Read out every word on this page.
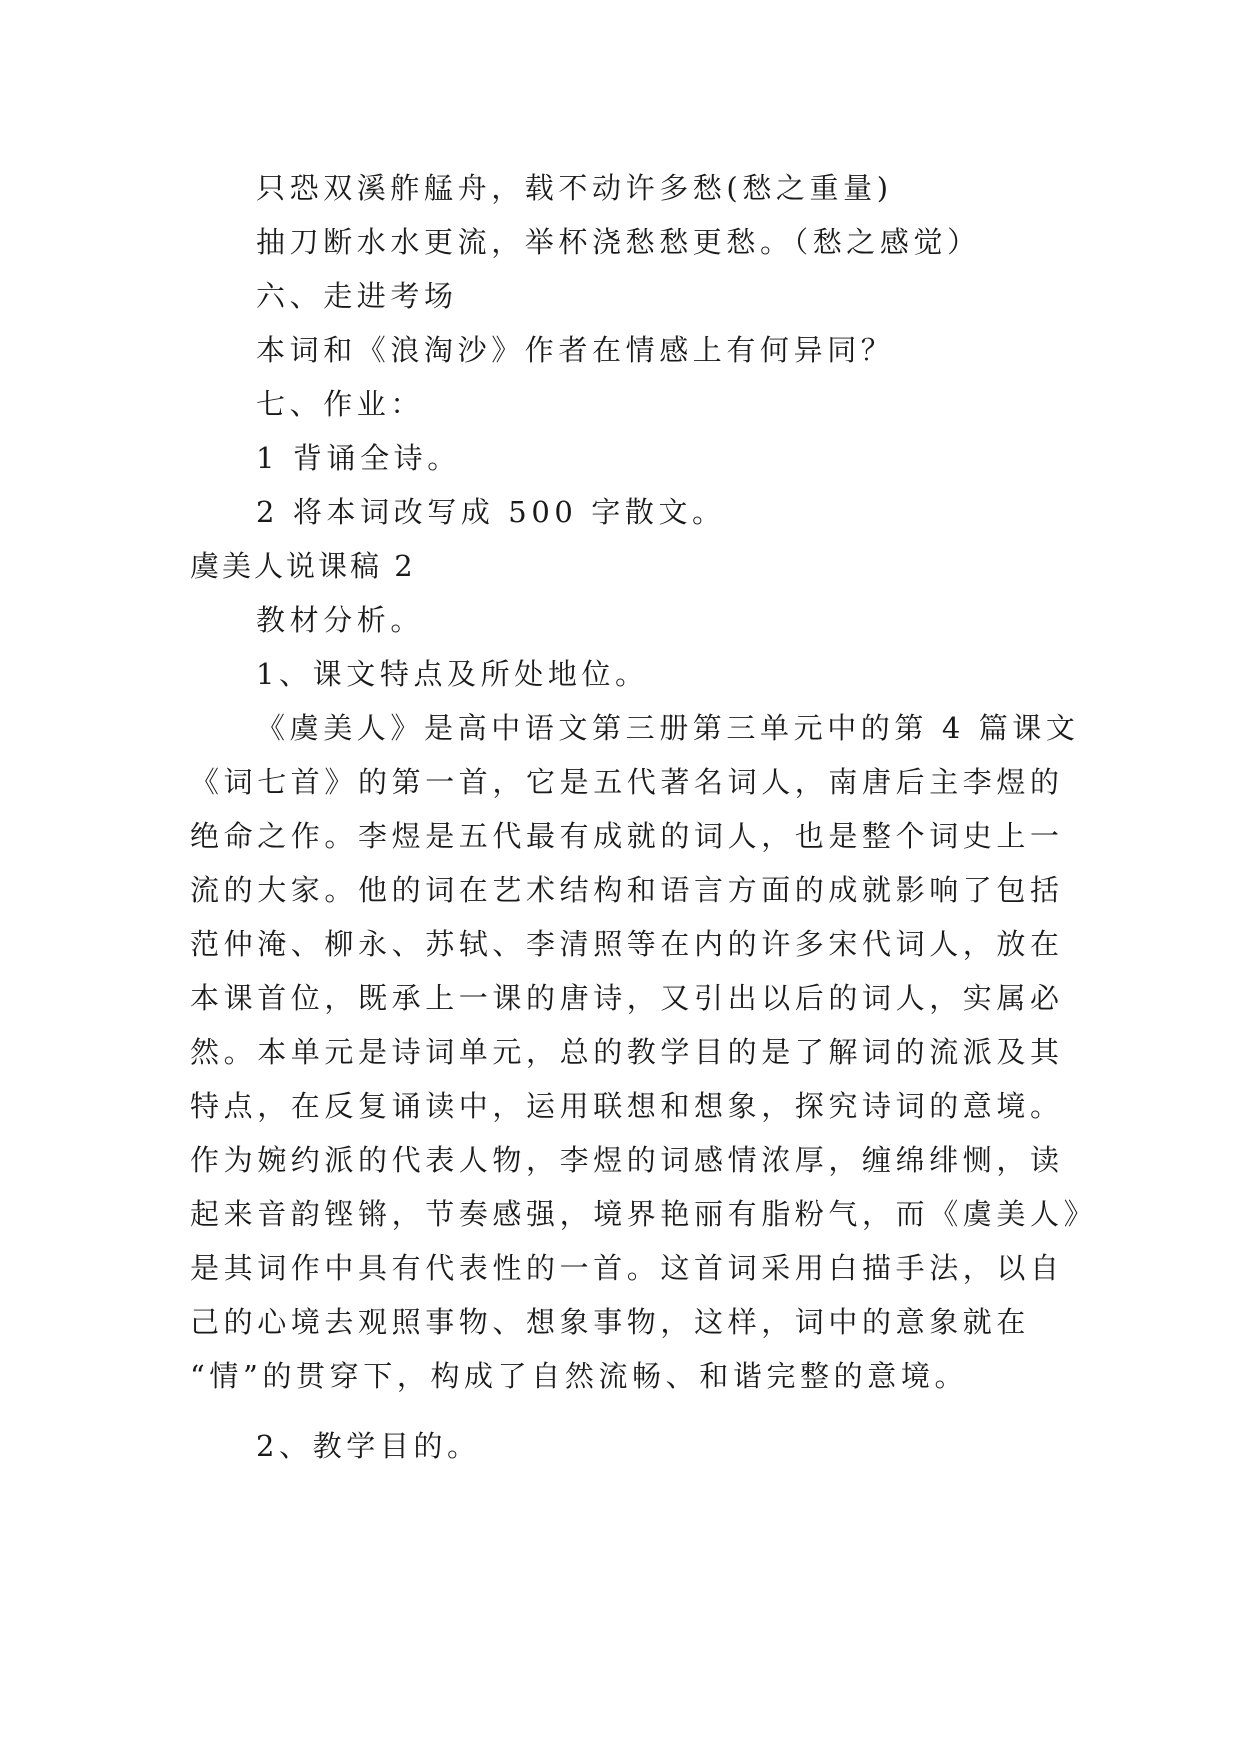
只恐双溪舴艋舟，载不动许多愁(愁之重量)
抽刀断水水更流，举杯浇愁愁更愁。（愁之感觉）
六、走进考场
本词和《浪淘沙》作者在情感上有何异同？
七、作业：
1 背诵全诗。
2 将本词改写成 500 字散文。
虞美人说课稿 2
教材分析。
1、课文特点及所处地位。
《虞美人》是高中语文第三册第三单元中的第 4 篇课文
《词七首》的第一首，它是五代著名词人，南唐后主李煜的
绝命之作。李煜是五代最有成就的词人，也是整个词史上一
流的大家。他的词在艺术结构和语言方面的成就影响了包括
范仲淹、柳永、苏轼、李清照等在内的许多宋代词人，放在
本课首位，既承上一课的唐诗，又引出以后的词人，实属必
然。本单元是诗词单元，总的教学目的是了解词的流派及其
特点，在反复诵读中，运用联想和想象，探究诗词的意境。
作为婉约派的代表人物，李煜的词感情浓厚，缠绵绯恻，读
起来音韵铿锵，节奏感强，境界艳丽有脂粉气，而《虞美人》
是其词作中具有代表性的一首。这首词采用白描手法，以自
己的心境去观照事物、想象事物，这样，词中的意象就在
“情”的贯穿下，构成了自然流畅、和谐完整的意境。
2、教学目的。
